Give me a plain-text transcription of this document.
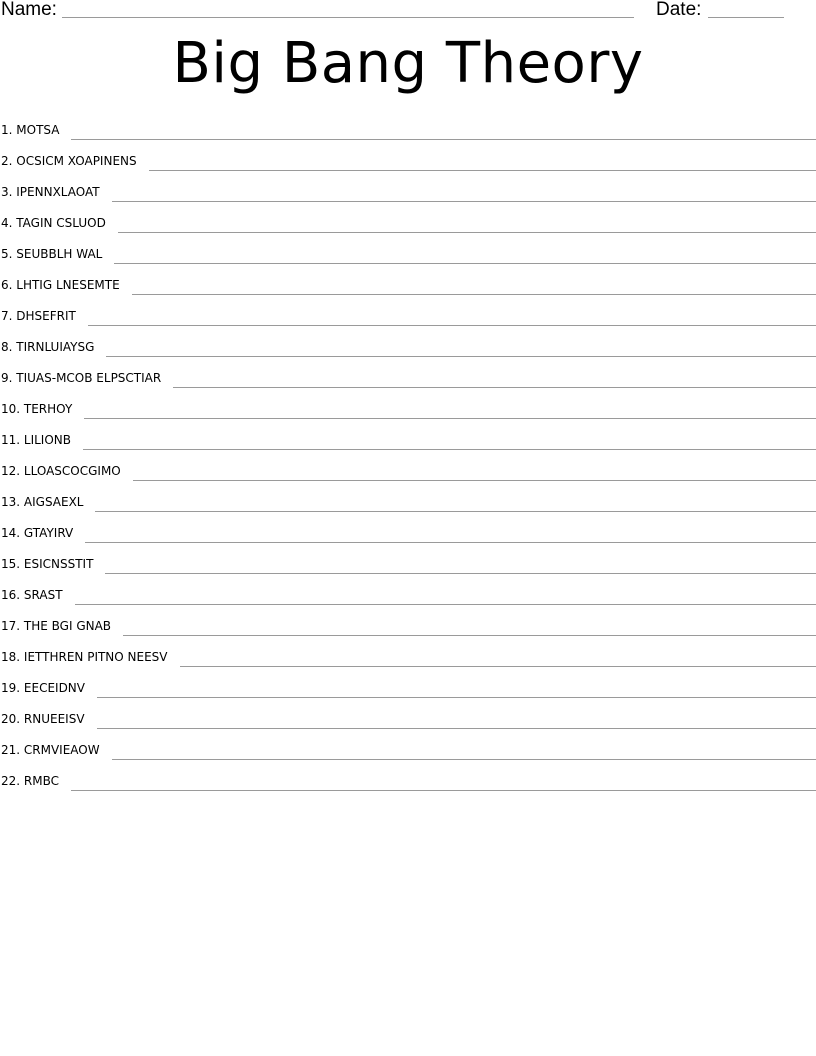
Name:	Date:
Big Bang Theory
1. MOTSA
2. OCSICM XOAPINENS
3. IPENNXLAOAT
4. TAGIN CSLUOD
5. SEUBBLH WAL
6. LHTIG LNESEMTE
7. DHSEFRIT
8. TIRNLUIAYSG
9. TIUAS-MCOB ELPSCTIAR
10. TERHOY
11. LILIONB
12. LLOASCOCGIMO
13. AIGSAEXL
14. GTAYIRV
15. ESICNSSTIT
16. SRAST
17. THE BGI GNAB
18. IETTHREN PITNO NEESV
19. EECEIDNV
20. RNUEEISV
21. CRMVIEAOW
22. RMBC
